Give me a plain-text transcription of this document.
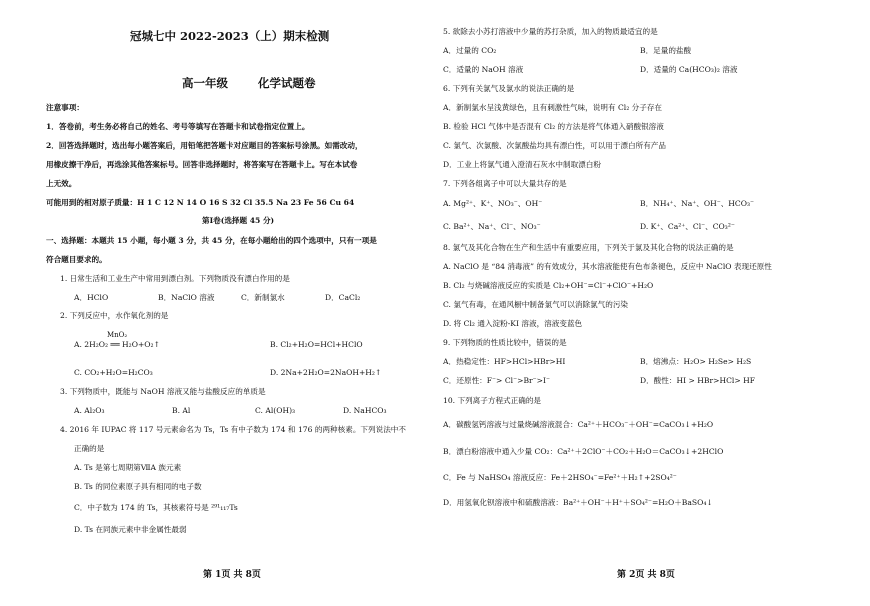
冠城七中 2022-2023（上）期末检测
高一年级	化学试题卷
注意事项：
1．答卷前，考生务必将自己的姓名、考号等填写在答题卡和试卷指定位置上。
2．回答选择题时，选出每小题答案后，用铅笔把答题卡对应题目的答案标号涂黑。如需改动，
用橡皮擦干净后，再选涂其他答案标号。回答非选择题时，将答案写在答题卡上。写在本试卷
上无效。
可能用到的相对原子质量：H 1 C 12 N 14 O 16 S 32 Cl 35.5 Na 23 Fe 56 Cu 64
第Ⅰ卷(选择题 45 分)
一、选择题：本题共 15 小题，每小题 3 分，共 45 分，在每小题给出的四个选项中，只有一项是
符合题目要求的。
1. 日常生活和工业生产中常用到漂白剂。下列物质没有漂白作用的是
A．HClO	B．NaClO 溶液	C．新制氯水	D．CaCl₂
2. 下列反应中，水作氧化剂的是
MnO₂
A. 2H₂O₂ ══ H₂O+O₂↑	B. Cl₂+H₂O=HCl+HClO
C. CO₂+H₂O=H₂CO₃	D. 2Na+2H₂O=2NaOH+H₂↑
3. 下列物质中，既能与 NaOH 溶液又能与盐酸反应的单质是
A. Al₂O₃	B. Al	C. Al(OH)₃	D. NaHCO₃
4. 2016 年 IUPAC 将 117 号元素命名为 Ts，Ts 有中子数为 174 和 176 的两种核素。下列说法中不
正确的是
A. Ts 是第七周期第ⅦA 族元素
B. Ts 的同位素原子具有相同的电子数
C．中子数为 174 的 Ts，其核素符号是 ²⁹¹₁₁₇Ts
D. Ts 在同族元素中非金属性最弱
第 1页 共 8页
5. 欲除去小苏打溶液中少量的苏打杂质，加入的物质最适宜的是
A．过量的 CO₂	B．足量的盐酸
C．适量的 NaOH 溶液	D．适量的 Ca(HCO₃)₂ 溶液
6. 下列有关氯气及氯水的说法正确的是
A．新制氯水呈浅黄绿色，且有刺激性气味，说明有 Cl₂ 分子存在
B. 检验 HCl 气体中是否混有 Cl₂ 的方法是将气体通入硝酸银溶液
C. 氯气、次氯酸、次氯酸盐均具有漂白性，可以用于漂白所有产品
D．工业上将氯气通入澄清石灰水中制取漂白粉
7. 下列各组离子中可以大量共存的是
A. Mg²⁺、K⁺、NO₃⁻、OH⁻	B．NH₄⁺、Na⁺、OH⁻、HCO₃⁻
C. Ba²⁺、Na⁺、Cl⁻、NO₃⁻	D. K⁺、Ca²⁺、Cl⁻、CO₃²⁻
8. 氯气及其化合物在生产和生活中有重要应用，下列关于氯及其化合物的说法正确的是
A. NaClO 是 “84 消毒液” 的有效成分，其水溶液能使有色布条褪色，反应中 NaClO 表现还原性
B. Cl₂ 与烧碱溶液反应的实质是 Cl₂+OH⁻=Cl⁻+ClO⁻+H₂O
C. 氯气有毒，在通风橱中制备氯气可以消除氯气的污染
D. 将 Cl₂ 通入淀粉-KI 溶液，溶液变蓝色
9. 下列物质的性质比较中，错误的是
A．热稳定性：HF>HCl>HBr>HI	B．熔沸点：H₂O> H₂Se> H₂S
C．还原性：F⁻> Cl⁻>Br⁻>I⁻	D．酸性：HI > HBr>HCl> HF
10. 下列离子方程式正确的是
A．碳酸氢钙溶液与过量烧碱溶液混合：Ca²⁺＋HCO₃⁻＋OH⁻=CaCO₃↓+H₂O
B．漂白粉溶液中通入少量 CO₂：Ca²⁺＋2ClO⁻＋CO₂＋H₂O＝CaCO₃↓+2HClO
C．Fe 与 NaHSO₄ 溶液反应：Fe＋2HSO₄⁻=Fe²⁺＋H₂↑+2SO₄²⁻
D．用氢氧化钡溶液中和硫酸溶液：Ba²⁺＋OH⁻＋H⁺＋SO₄²⁻=H₂O＋BaSO₄↓
第 2页 共 8页
